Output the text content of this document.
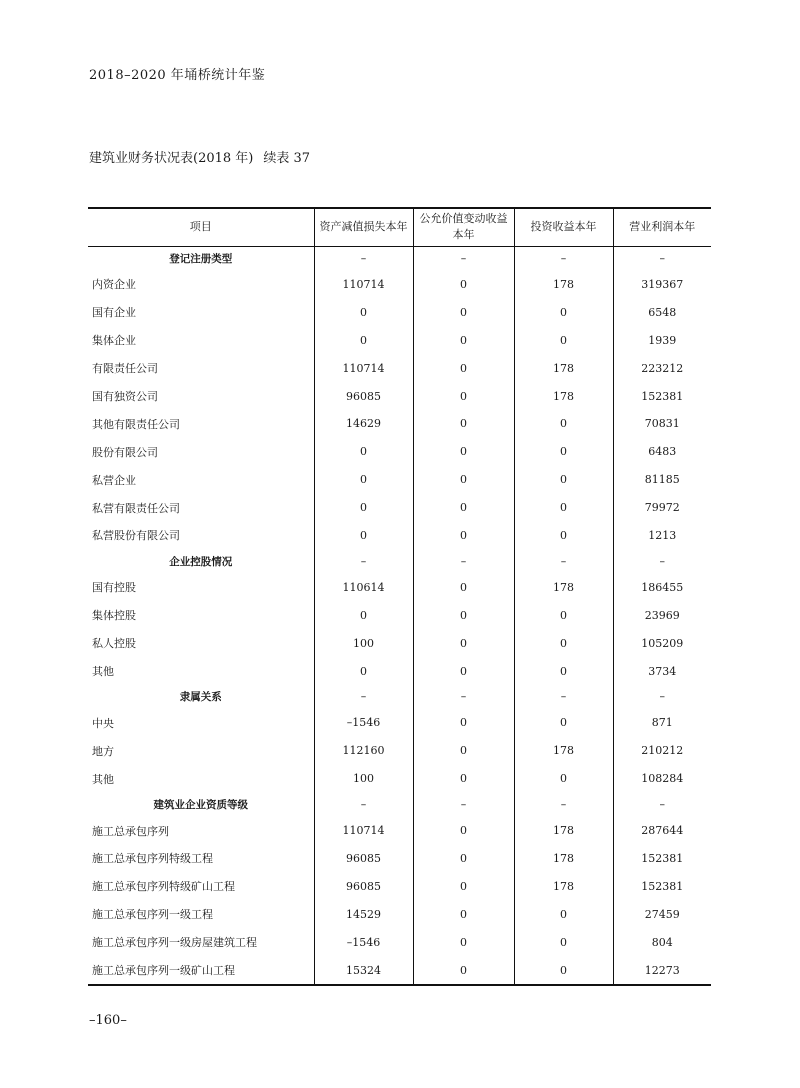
2018–2020 年埇桥统计年鉴
建筑业财务状况表(2018 年) 续表 37
项目	资产减值损失本年	公允价值变动收益本年	投资收益本年	营业利润本年
登记注册类型	–	–	–	–
内资企业	110714	0	178	319367
国有企业	0	0	0	6548
集体企业	0	0	0	1939
有限责任公司	110714	0	178	223212
国有独资公司	96085	0	178	152381
其他有限责任公司	14629	0	0	70831
股份有限公司	0	0	0	6483
私营企业	0	0	0	81185
私营有限责任公司	0	0	0	79972
私营股份有限公司	0	0	0	1213
企业控股情况	–	–	–	–
国有控股	110614	0	178	186455
集体控股	0	0	0	23969
私人控股	100	0	0	105209
其他	0	0	0	3734
隶属关系	–	–	–	–
中央	–1546	0	0	871
地方	112160	0	178	210212
其他	100	0	0	108284
建筑业企业资质等级	–	–	–	–
施工总承包序列	110714	0	178	287644
施工总承包序列特级工程	96085	0	178	152381
施工总承包序列特级矿山工程	96085	0	178	152381
施工总承包序列一级工程	14529	0	0	27459
施工总承包序列一级房屋建筑工程	–1546	0	0	804
施工总承包序列一级矿山工程	15324	0	0	12273
–160–
